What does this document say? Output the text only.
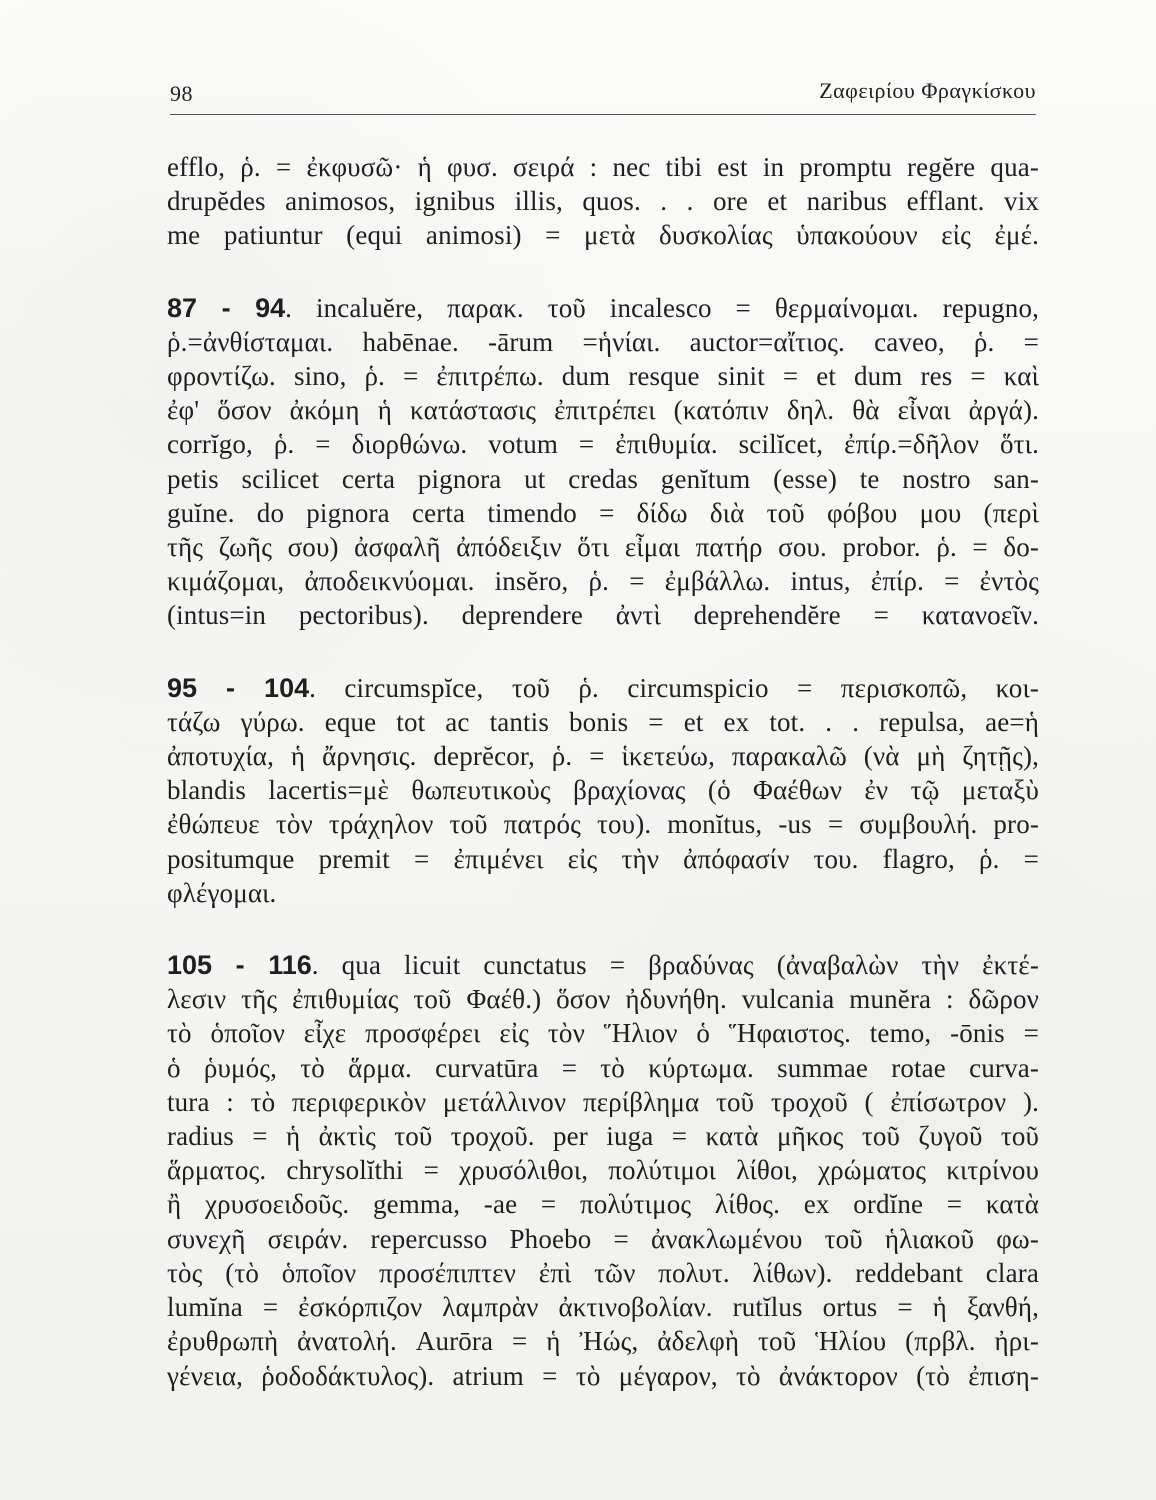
98	Ζαφειρίου Φραγκίσκου
efflo, ῥ. = ἐκφυσῶ· ἡ φυσ. σειρά : nec tibi est in promptu regĕre qua-
drupĕdes animosos, ignibus illis, quos. . . ore et naribus efflant. vix
me patiuntur (equi animosi) = μετὰ δυσκολίας ὑπακούουν εἰς ἐμέ.
87 - 94. incaluĕre, παρακ. τοῦ incalesco = θερμαίνομαι. repugno,
ῥ.=ἀνθίσταμαι. habēnae. -ārum =ἡνίαι. auctor=αἴτιος. caveo, ῥ. =
φροντίζω. sino, ῥ. = ἐπιτρέπω. dum resque sinit = et dum res = καὶ
ἐφ' ὅσον ἀκόμη ἡ κατάστασις ἐπιτρέπει (κατόπιν δηλ. θὰ εἶναι ἀργά).
corrĭgo, ῥ. = διορθώνω. votum = ἐπιθυμία. scilĭcet, ἐπίρ.=δῆλον ὅτι.
petis scilicet certa pignora ut credas genĭtum (esse) te nostro san-
guĭne. do pignora certa timendo = δίδω διὰ τοῦ φόβου μου (περὶ
τῆς ζωῆς σου) ἀσφαλῆ ἀπόδειξιν ὅτι εἶμαι πατήρ σου. probor. ῥ. = δο-
κιμάζομαι, ἀποδεικνύομαι. insĕro, ῥ. = ἐμβάλλω. intus, ἐπίρ. = ἐντὸς
(intus=in pectoribus). deprendere ἀντὶ deprehendĕre = κατανοεῖν.
95 - 104. circumspĭce, τοῦ ῥ. circumspicio = περισκοπῶ, κοι-
τάζω γύρω. eque tot ac tantis bonis = et ex tot. . . repulsa, ae=ἡ
ἀποτυχία, ἡ ἄρνησις. deprĕcor, ῥ. = ἱκετεύω, παρακαλῶ (νὰ μὴ ζητῇς),
blandis lacertis=μὲ θωπευτικοὺς βραχίονας (ὁ Φαέθων ἐν τῷ μεταξὺ
ἐθώπευε τὸν τράχηλον τοῦ πατρός του). monĭtus, -us = συμβουλή. pro-
positumque premit = ἐπιμένει εἰς τὴν ἀπόφασίν του. flagro, ῥ. =
φλέγομαι.
105 - 116. qua licuit cunctatus = βραδύνας (ἀναβαλὼν τὴν ἐκτέ-
λεσιν τῆς ἐπιθυμίας τοῦ Φαέθ.) ὅσον ἠδυνήθη. vulcania munĕra : δῶρον
τὸ ὁποῖον εἶχε προσφέρει εἰς τὸν Ἥλιον ὁ Ἥφαιστος. temo, -ōnis =
ὁ ῥυμός, τὸ ἅρμα. curvatūra = τὸ κύρτωμα. summae rotae curva-
tura : τὸ περιφερικὸν μετάλλινον περίβλημα τοῦ τροχοῦ ( ἐπίσωτρον ).
radius = ἡ ἀκτὶς τοῦ τροχοῦ. per iuga = κατὰ μῆκος τοῦ ζυγοῦ τοῦ
ἅρματος. chrysolĭthi = χρυσόλιθοι, πολύτιμοι λίθοι, χρώματος κιτρίνου
ἢ χρυσοειδοῦς. gemma, -ae = πολύτιμος λίθος. ex ordĭne = κατὰ
συνεχῆ σειράν. repercusso Phoebo = ἀνακλωμένου τοῦ ἡλιακοῦ φω-
τὸς (τὸ ὁποῖον προσέπιπτεν ἐπὶ τῶν πολυτ. λίθων). reddebant clara
lumĭna = ἐσκόρπιζον λαμπρὰν ἀκτινοβολίαν. rutĭlus ortus = ἡ ξανθή,
ἐρυθρωπὴ ἀνατολή. Aurōra = ἡ Ἠώς, ἀδελφὴ τοῦ Ἡλίου (πρβλ. ἠρι-
γένεια, ῥοδοδάκτυλος). atrium = τὸ μέγαρον, τὸ ἀνάκτορον (τὸ ἐπιση-
